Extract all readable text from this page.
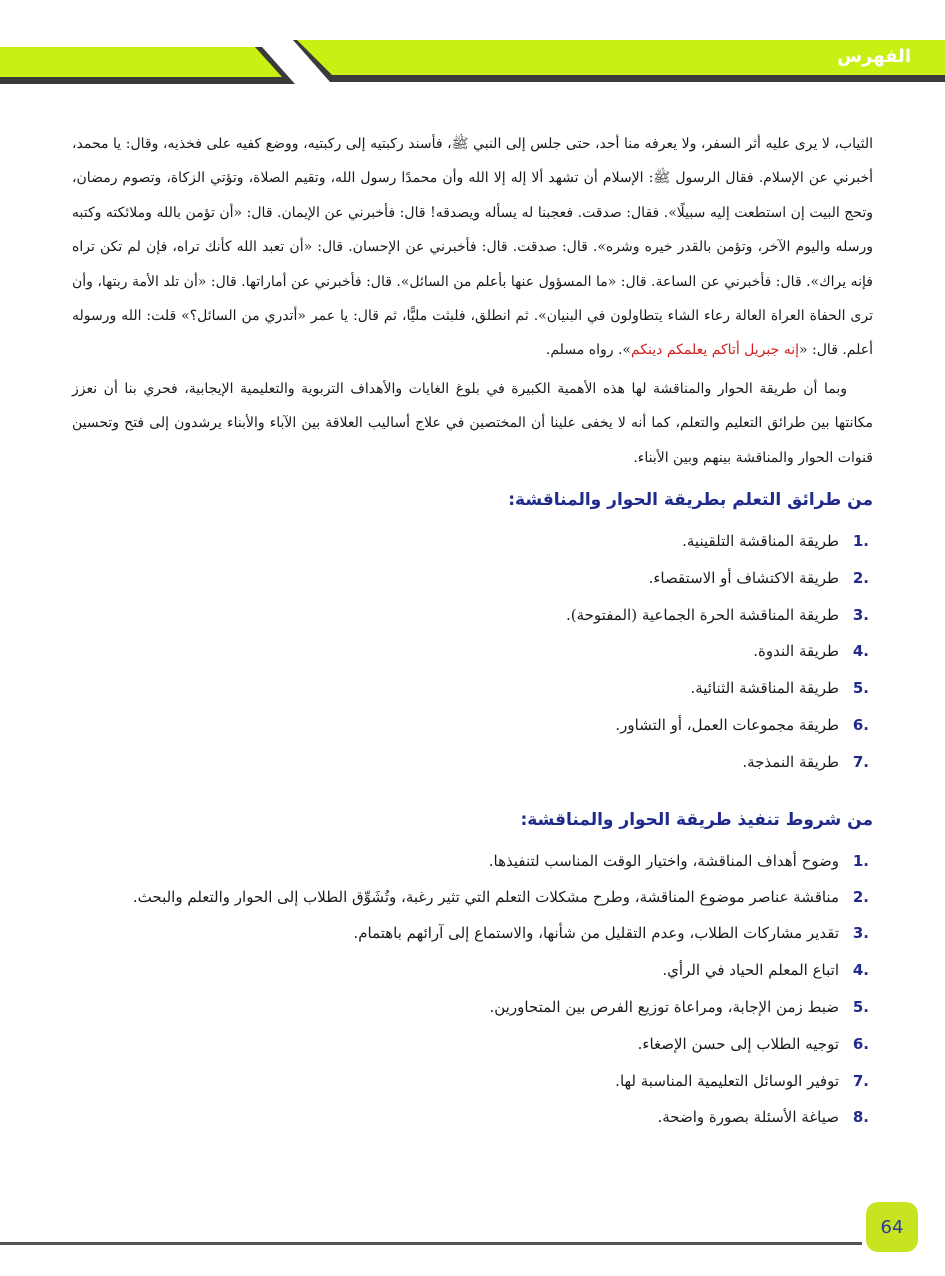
الفهرس

الثياب، لا يرى عليه أثر السفر، ولا يعرفه منا أحد، حتى جلس إلى النبي ﷺ، فأسند ركبتيه إلى ركبتيه، ووضع كفيه على فخذيه، وقال: يا محمد، أخبرني عن الإسلام. فقال الرسول ﷺ: الإسلام أن تشهد ألا إله إلا الله وأن محمدًا رسول الله، وتقيم الصلاة، وتؤتي الزكاة، وتصوم رمضان، وتحج البيت إن استطعت إليه سبيلًا». فقال: صدقت. فعجبنا له يسأله ويصدقه! قال: فأخبرني عن الإيمان. قال: «أن تؤمن بالله وملائكته وكتبه ورسله واليوم الآخر، وتؤمن بالقدر خيره وشره». قال: صدقت. قال: فأخبرني عن الإحسان. قال: «أن تعبد الله كأنك تراه، فإن لم تكن تراه فإنه يراك». قال: فأخبرني عن الساعة. قال: «ما المسؤول عنها بأعلم من السائل». قال: فأخبرني عن أماراتها. قال: «أن تلد الأمة ربتها، وأن ترى الحفاة العراة العالة رعاء الشاء يتطاولون في البنيان». ثم انطلق، فلبثت مليًّا، ثم قال: يا عمر «أتدري من السائل؟» قلت: الله ورسوله أعلم. قال: «إنه جبريل أتاكم يعلمكم دينكم». رواه مسلم.

وبما أن طريقة الحوار والمناقشة لها هذه الأهمية الكبيرة في بلوغ الغايات والأهداف التربوية والتعليمية الإيجابية، فحري بنا أن نعزز مكانتها بين طرائق التعليم والتعلم، كما أنه لا يخفى علينا أن المختصين في علاج أساليب العلاقة بين الآباء والأبناء يرشدون إلى فتح وتحسين قنوات الحوار والمناقشة بينهم وبين الأبناء.

من طرائق التعلم بطريقة الحوار والمناقشة:
1.
طريقة المناقشة التلقينية.
2.
طريقة الاكتشاف أو الاستقصاء.
3.
طريقة المناقشة الحرة الجماعية (المفتوحة).
4.
طريقة الندوة.
5.
طريقة المناقشة الثنائية.
6.
طريقة مجموعات العمل، أو التشاور.
7.
طريقة النمذجة.
من شروط تنفيذ طريقة الحوار والمناقشة:
1.
وضوح أهداف المناقشة، واختيار الوقت المناسب لتنفيذها.
2.
مناقشة عناصر موضوع المناقشة، وطرح مشكلات التعلم التي تثير رغبة، وتُشَوِّق الطلاب إلى الحوار والتعلم والبحث.
3.
تقدير مشاركات الطلاب، وعدم التقليل من شأنها، والاستماع إلى آرائهم باهتمام.
4.
اتباع المعلم الحياد في الرأي.
5.
ضبط زمن الإجابة، ومراعاة توزيع الفرص بين المتحاورين.
6.
توجيه الطلاب إلى حسن الإصغاء.
7.
توفير الوسائل التعليمية المناسبة لها.
8.
صياغة الأسئلة بصورة واضحة.
64
